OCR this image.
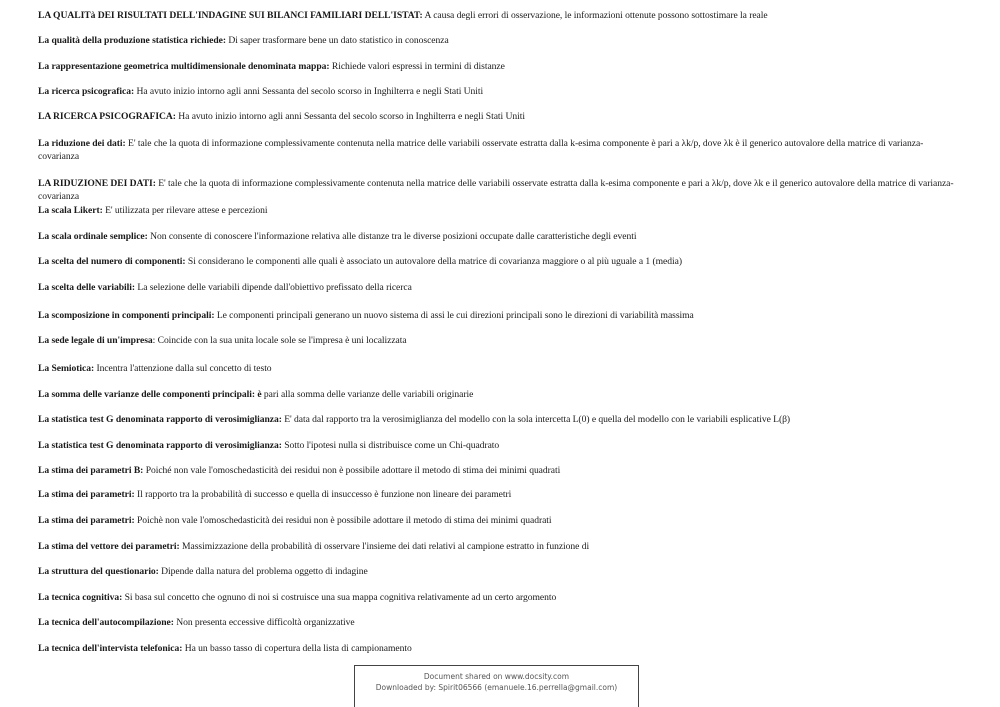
LA QUALITà DEI RISULTATI DELL'INDAGINE SUI BILANCI FAMILIARI DELL'ISTAT: A causa degli errori di osservazione, le informazioni ottenute possono sottostimare la reale
La qualità della produzione statistica richiede: Di saper trasformare bene un dato statistico in conoscenza
La rappresentazione geometrica multidimensionale denominata mappa: Richiede valori espressi in termini di distanze
La ricerca psicografica: Ha avuto inizio intorno agli anni Sessanta del secolo scorso in Inghilterra e negli Stati Uniti
LA RICERCA PSICOGRAFICA: Ha avuto inizio intorno agli anni Sessanta del secolo scorso in Inghilterra e negli Stati Uniti
La riduzione dei dati: E' tale che la quota di informazione complessivamente contenuta nella matrice delle variabili osservate estratta dalla k-esima componente è pari a λk/p, dove λk è il generico autovalore della matrice di varianza-covarianza
LA RIDUZIONE DEI DATI: E' tale che la quota di informazione complessivamente contenuta nella matrice delle variabili osservate estratta dalla k-esima componente e pari a λk/p, dove λk e il generico autovalore della matrice di varianza-covarianza
La scala Likert: E' utilizzata per rilevare attese e percezioni
La scala ordinale semplice: Non consente di conoscere l'informazione relativa alle distanze tra le diverse posizioni occupate dalle caratteristiche degli eventi
La scelta del numero di componenti: Si considerano le componenti alle quali è associato un autovalore della matrice di covarianza maggiore o al più uguale a 1 (media)
La scelta delle variabili: La selezione delle variabili dipende dall'obiettivo prefissato della ricerca
La scomposizione in componenti principali: Le componenti principali generano un nuovo sistema di assi le cui direzioni principali sono le direzioni di variabilità massima
La sede legale di un'impresa: Coincide con la sua unita locale sole se l'impresa è uni localizzata
La Semiotica: Incentra l'attenzione dalla sul concetto di testo
La somma delle varianze delle componenti principali: è pari alla somma delle varianze delle variabili originarie
La statistica test G denominata rapporto di verosimiglianza: E' data dal rapporto tra la verosimiglianza del modello con la sola intercetta L(0) e quella del modello con le variabili esplicative L(β)
La statistica test G denominata rapporto di verosimiglianza: Sotto l'ipotesi nulla si distribuisce come un Chi-quadrato
La stima dei parametri B: Poiché non vale l'omoschedasticità dei residui non è possibile adottare il metodo di stima dei minimi quadrati
La stima dei parametri: Il rapporto tra la probabilità di successo e quella di insuccesso è funzione non lineare dei parametri
La stima dei parametri: Poichè non vale l'omoschedasticità dei residui non è possibile adottare il metodo di stima dei minimi quadrati
La stima del vettore dei parametri: Massimizzazione della probabilità di osservare l'insieme dei dati relativi al campione estratto in funzione di
La struttura del questionario: Dipende dalla natura del problema oggetto di indagine
La tecnica cognitiva: Si basa sul concetto che ognuno di noi si costruisce una sua mappa cognitiva relativamente ad un certo argomento
La tecnica dell'autocompilazione: Non presenta eccessive difficoltà organizzative
La tecnica dell'intervista telefonica: Ha un basso tasso di copertura della lista di campionamento
Document shared on www.docsity.com
Downloaded by: Spirit06566 (emanuele.16.perrella@gmail.com)
